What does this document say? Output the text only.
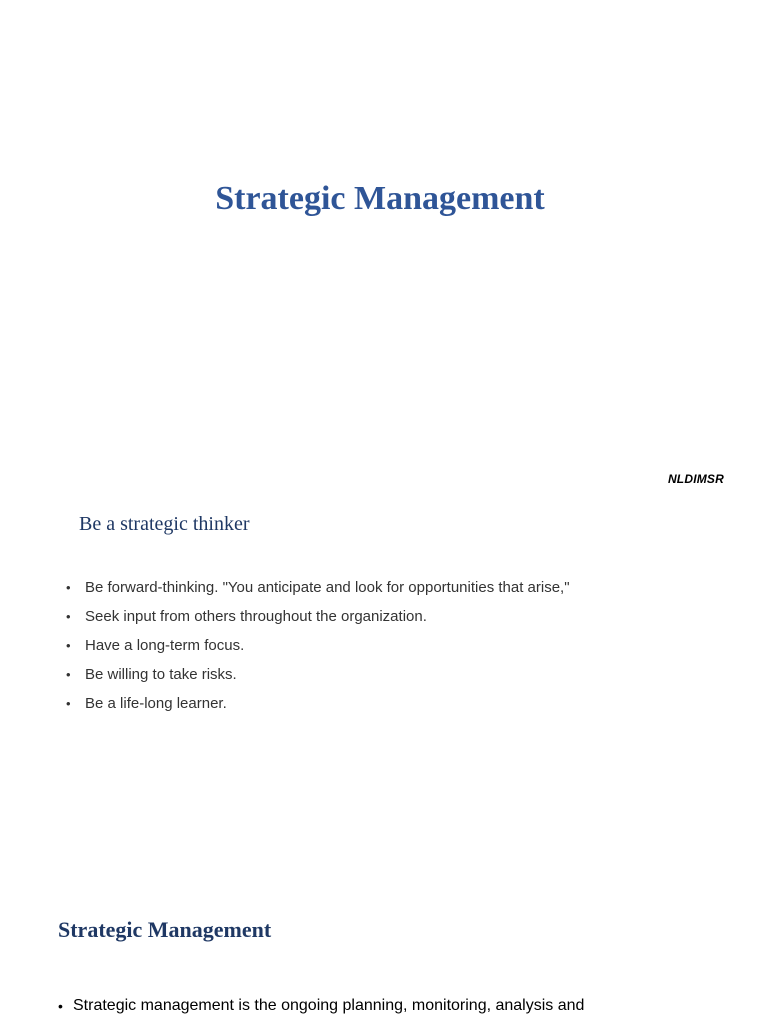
Strategic Management
NLDIMSR
Be a strategic thinker
• Be forward-thinking. "You anticipate and look for opportunities that arise,"
• Seek input from others throughout the organization.
• Have a long-term focus.
• Be willing to take risks.
• Be a life-long learner.
Strategic Management
• Strategic management is the ongoing planning, monitoring, analysis and
